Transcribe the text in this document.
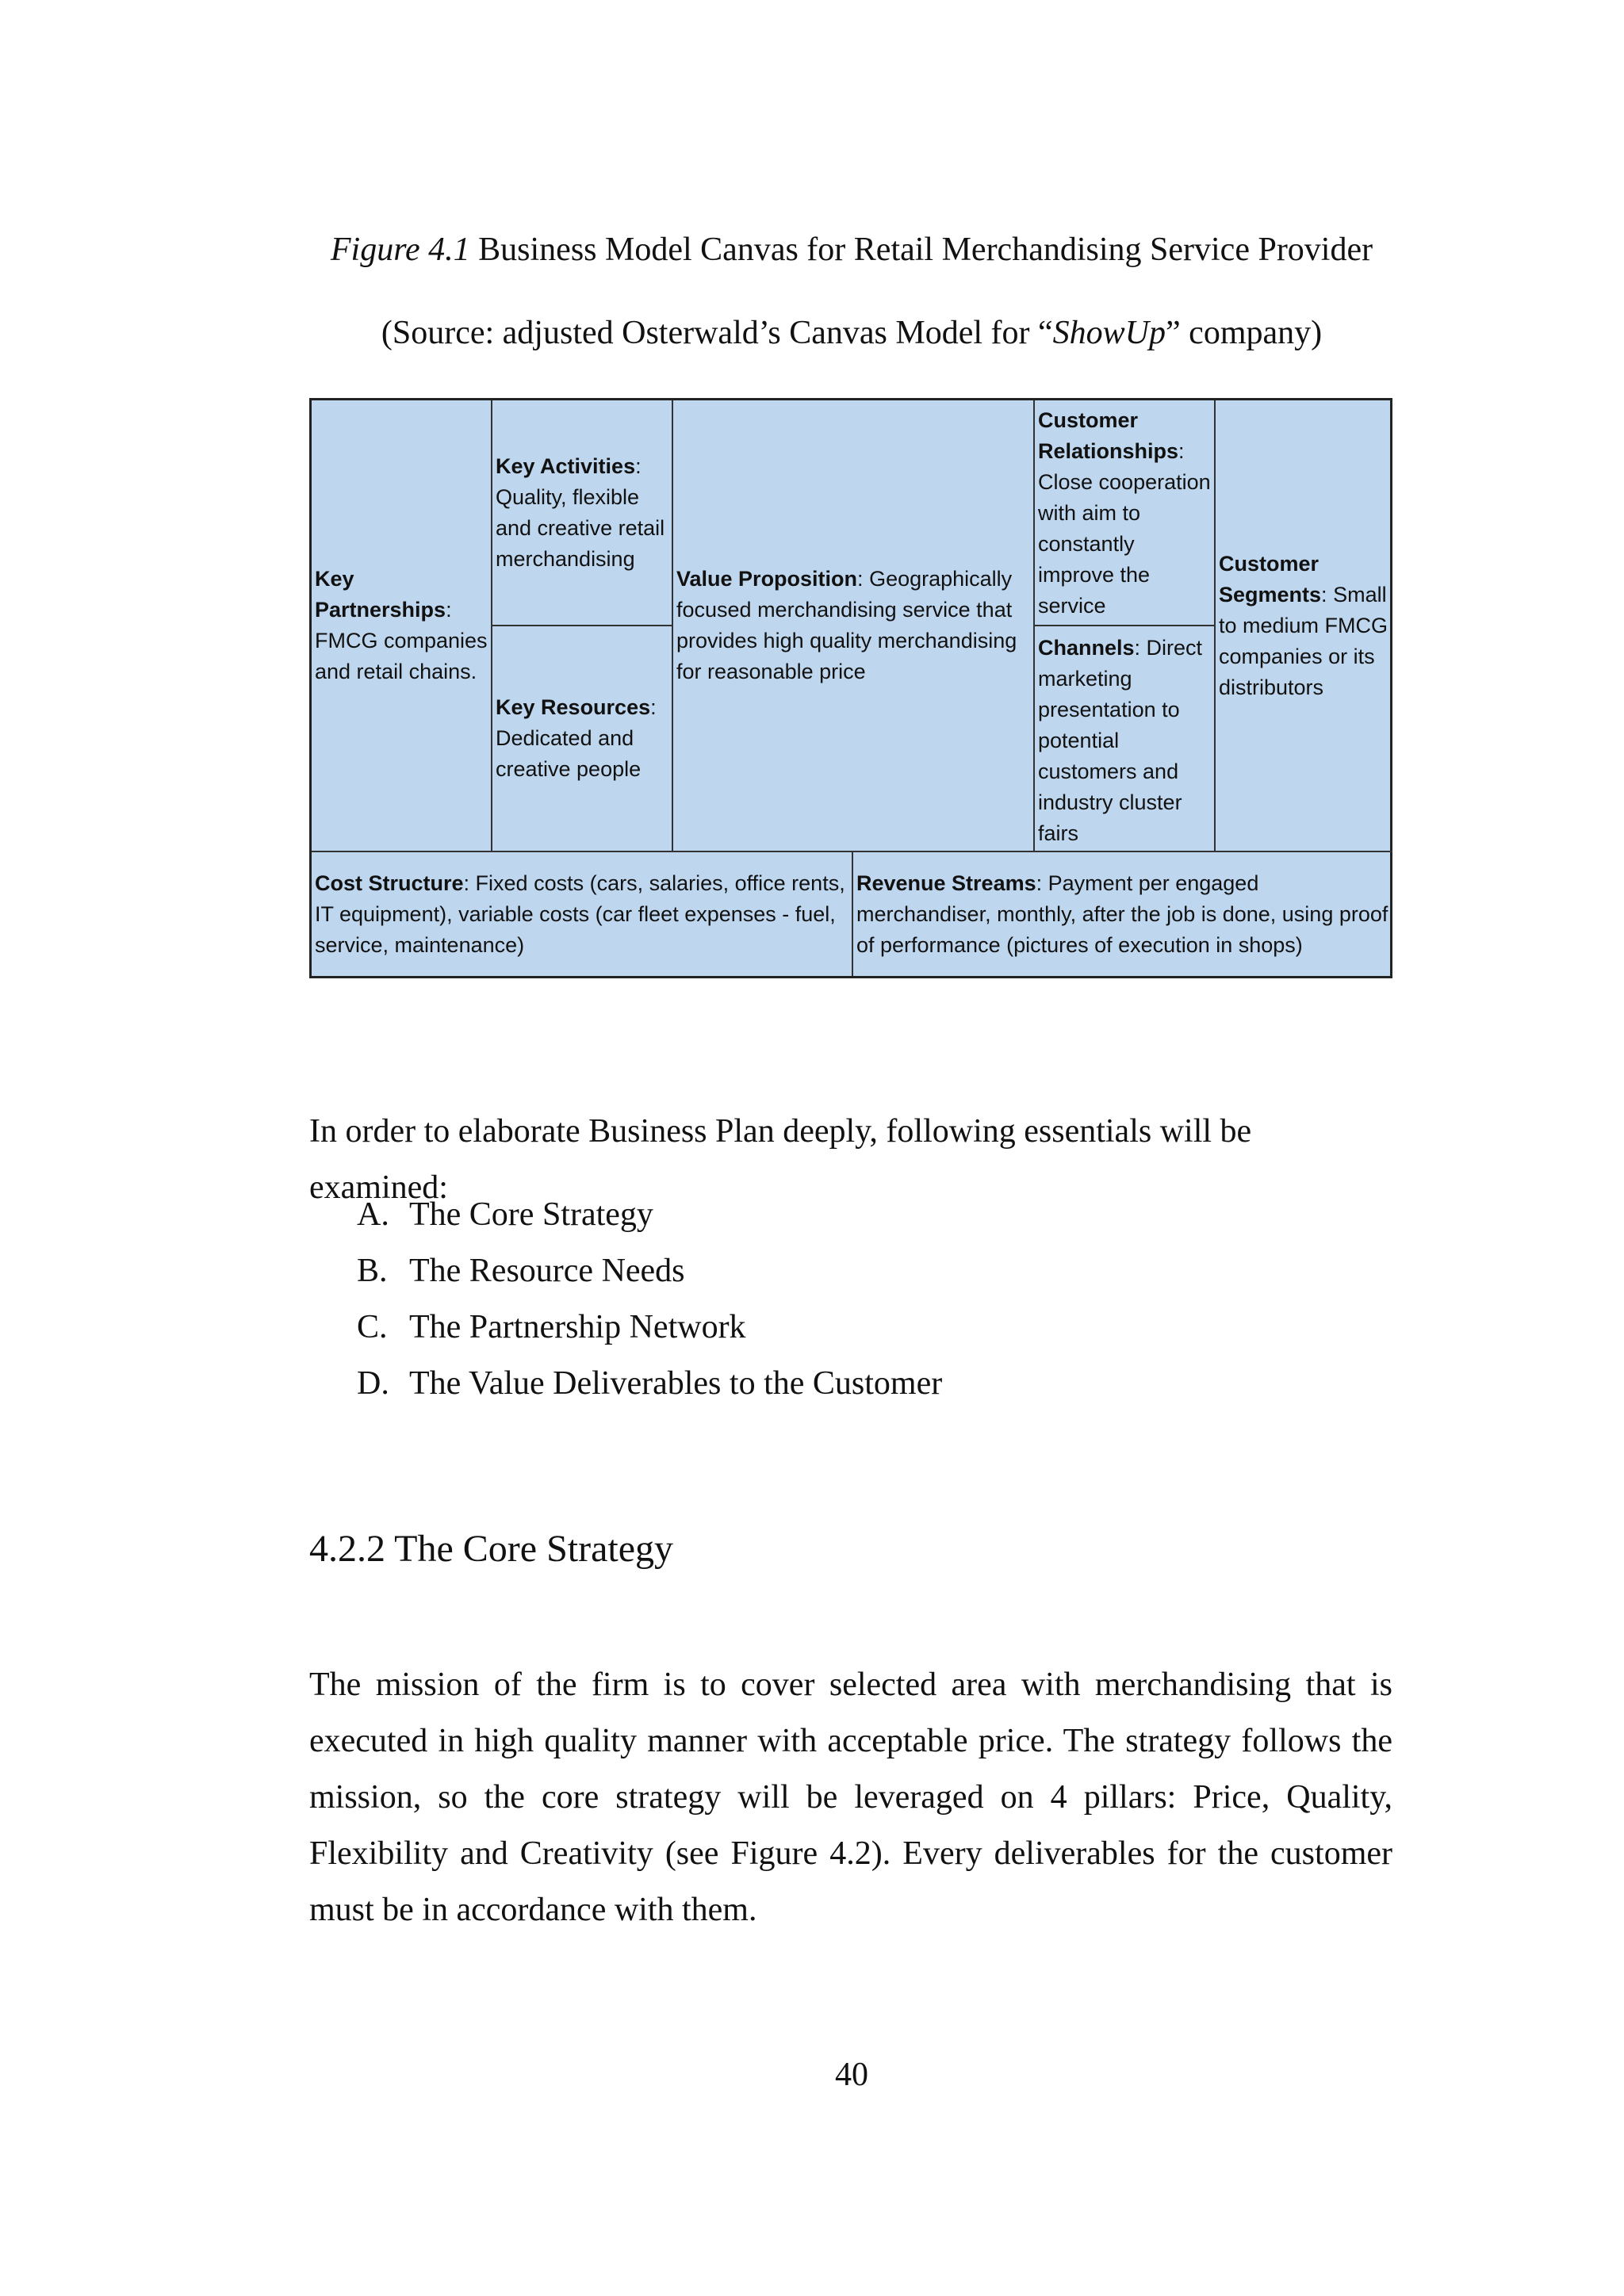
Figure 4.1 Business Model Canvas for Retail Merchandising Service Provider
(Source: adjusted Osterwald’s Canvas Model for “ShowUp” company)
Key Partnerships: FMCG companies and retail chains.
Key Activities: Quality, flexible and creative retail merchandising
Key Resources: Dedicated and creative people
Value Proposition: Geographically focused merchandising service that provides high quality merchandising for reasonable price
Customer Relationships: Close cooperation with aim to constantly improve the service
Channels: Direct marketing presentation to potential customers and industry cluster fairs
Customer Segments: Small to medium FMCG companies or its distributors
Cost Structure: Fixed costs (cars, salaries, office rents, IT equipment), variable costs (car fleet expenses - fuel, service, maintenance)
Revenue Streams: Payment per engaged merchandiser, monthly, after the job is done, using proof of performance (pictures of execution in shops)
In order to elaborate Business Plan deeply, following essentials will be examined:
A. The Core Strategy
B. The Resource Needs
C. The Partnership Network
D. The Value Deliverables to the Customer
4.2.2 The Core Strategy
The mission of the firm is to cover selected area with merchandising that is executed in high quality manner with acceptable price. The strategy follows the mission, so the core strategy will be leveraged on 4 pillars: Price, Quality, Flexibility and Creativity (see Figure 4.2). Every deliverables for the customer must be in accordance with them.
40
